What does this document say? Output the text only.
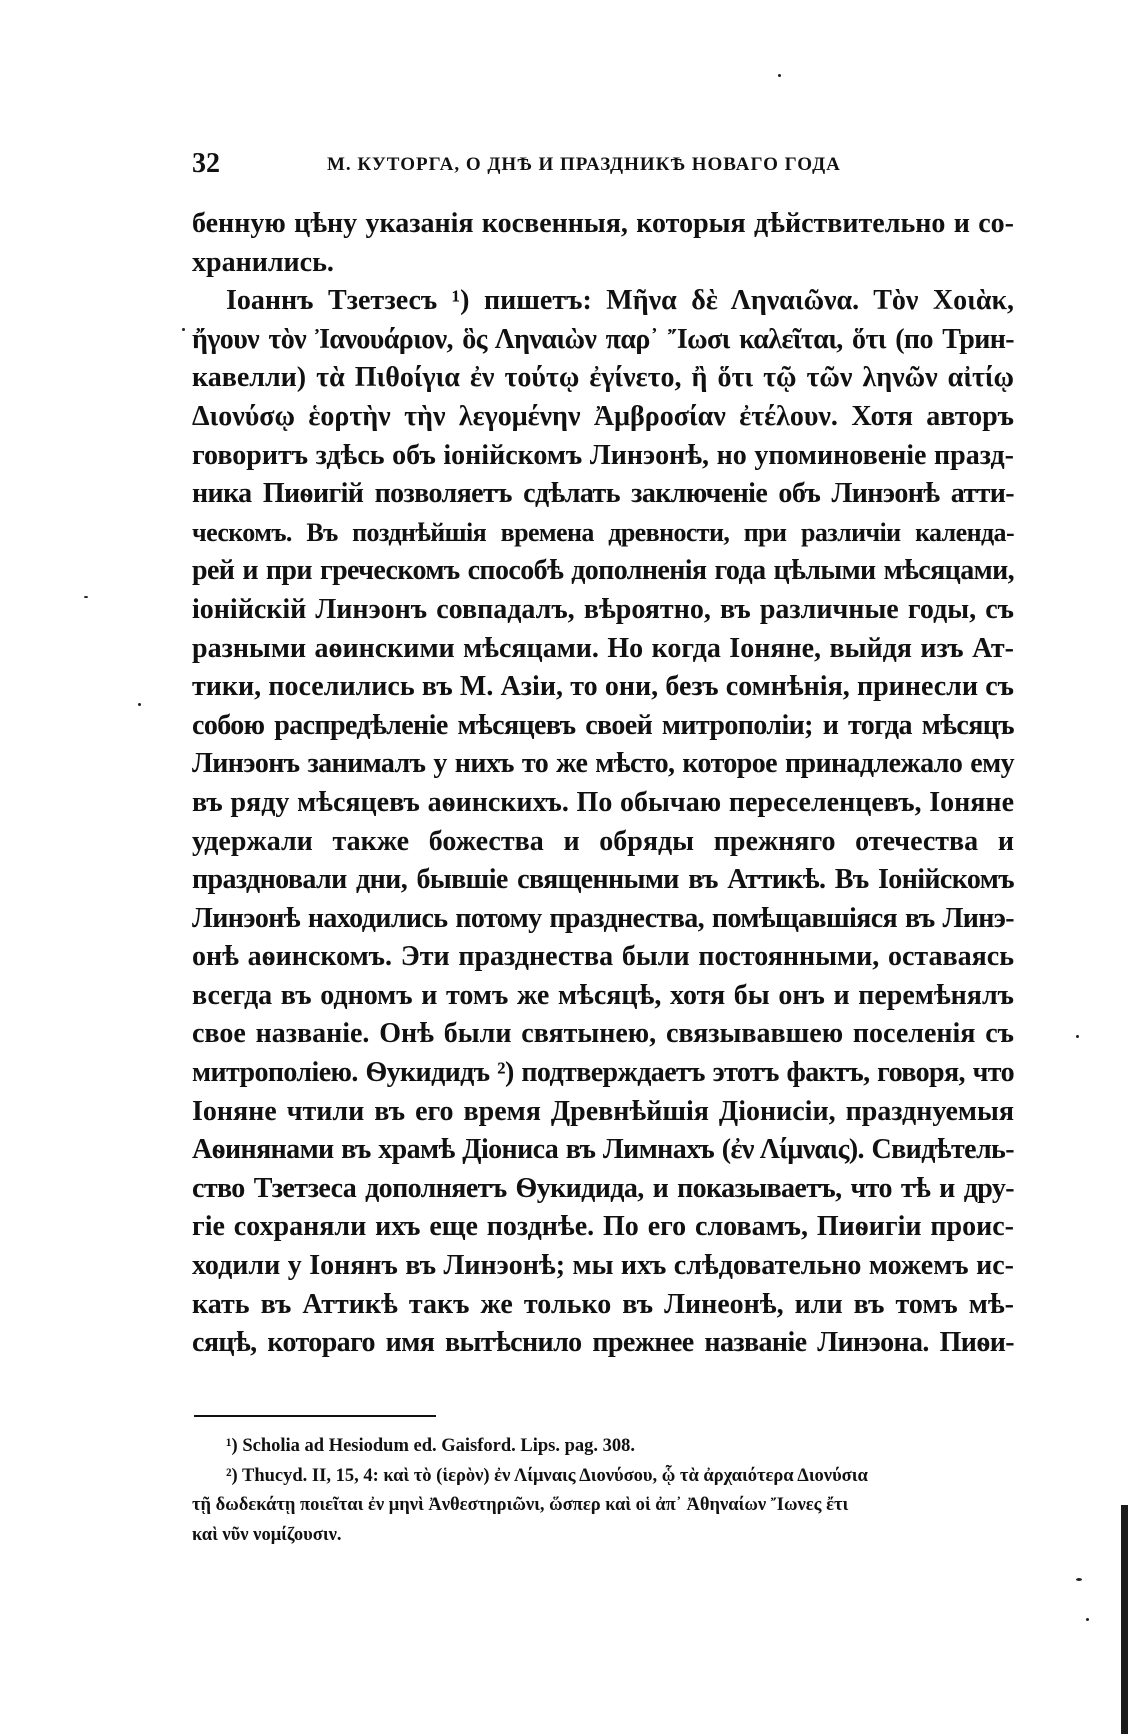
32	М. КУТОРГА, О ДНѢ И ПРАЗДНИКѢ НОВАГО ГОДА
бенную цѣну указанія косвенныя, которыя дѣйствительно и со-
хранились.
Іоаннъ Тзетзесъ ¹) пишетъ: Μῆνα δὲ Ληναιῶνα. Τὸν Χοιὰκ,
ἤγουν τὸν Ἰανουάριον, ὃς Ληναιὼν παρ᾽ Ἴωσι καλεῖται, ὅτι (по Трин-
кавелли) τὰ Πιθοίγια ἐν τούτῳ ἐγίνετο, ἢ ὅτι τῷ τῶν ληνῶν αἰτίῳ
Διονύσῳ ἑορτὴν τὴν λεγομένην Ἀμβροσίαν ἐτέλουν. Хотя авторъ
говоритъ здѣсь объ іонійскомъ Линэонѣ, но упоминовеніе празд-
ника Пиѳигій позволяетъ сдѣлать заключеніе объ Линэонѣ атти-
ческомъ. Въ позднѣйшія времена древности, при различіи календа-
рей и при греческомъ способѣ дополненія года цѣлыми мѣсяцами,
іонійскій Линэонъ совпадалъ, вѣроятно, въ различные годы, съ
разными аѳинскими мѣсяцами. Но когда Іоняне, выйдя изъ Ат-
тики, поселились въ М. Азіи, то они, безъ сомнѣнія, принесли съ
собою распредѣленіе мѣсяцевъ своей митрополіи; и тогда мѣсяцъ
Линэонъ занималъ у нихъ то же мѣсто, которое принадлежало ему
въ ряду мѣсяцевъ аѳинскихъ. По обычаю переселенцевъ, Іоняне
удержали также божества и обряды прежняго отечества и
праздновали дни, бывшіе священными въ Аттикѣ. Въ Іонійскомъ
Линэонѣ находились потому празднества, помѣщавшіяся въ Линэ-
онѣ аѳинскомъ. Эти празднества были постоянными, оставаясь
всегда въ одномъ и томъ же мѣсяцѣ, хотя бы онъ и перемѣнялъ
свое названіе. Онѣ были святынею, связывавшею поселенія съ
митрополіею. Ѳукидидъ ²) подтверждаетъ этотъ фактъ, говоря, что
Іоняне чтили въ его время Древнѣйшія Діонисіи, празднуемыя
Аѳинянами въ храмѣ Діониса въ Лимнахъ (ἐν Λίμναις). Свидѣтель-
ство Тзетзеса дополняетъ Ѳукидида, и показываетъ, что тѣ и дру-
гіе сохраняли ихъ еще позднѣе. По его словамъ, Пиѳигіи проис-
ходили у Іонянъ въ Линэонѣ; мы ихъ слѣдовательно можемъ ис-
кать въ Аттикѣ такъ же только въ Линеонѣ, или въ томъ мѣ-
сяцѣ, котораго имя вытѣснило прежнее названіе Линэона. Пиѳи-
¹) Scholia ad Hesiodum ed. Gaisford. Lips. pag. 308.
²) Thucyd. II, 15, 4: καὶ τὸ (ἱερὸν) ἐν Λίμναις Διονύσου, ᾧ τὰ ἀρχαιότερα Διονύσια
τῇ δωδεκάτῃ ποιεῖται ἐν μηνὶ Ἀνθεστηριῶνι, ὥσπερ καὶ οἱ ἀπ᾽ Ἀθηναίων Ἴωνες ἔτι
καὶ νῦν νομίζουσιν.
